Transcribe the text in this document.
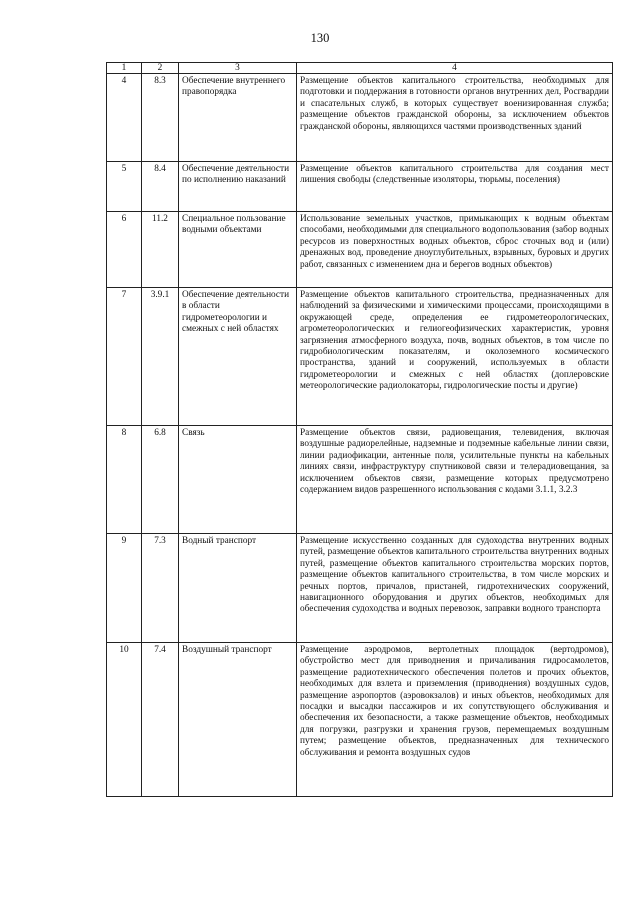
130
1	2	3	4
4	8.3	Обеспечение внутреннего правопорядка	Размещение объектов капитального строительства, необходимых для подготовки и поддержания в готовности органов внутренних дел, Росгвардии и спасательных служб, в которых существует военизированная служба; размещение объектов гражданской обороны, за исключением объектов гражданской обороны, являющихся частями производственных зданий
5	8.4	Обеспечение деятельности по исполнению наказаний	Размещение объектов капитального строительства для создания мест лишения свободы (следственные изоляторы, тюрьмы, поселения)
6	11.2	Специальное пользование водными объектами	Использование земельных участков, примыкающих к водным объектам способами, необходимыми для специального водопользования (забор водных ресурсов из поверхностных водных объектов, сброс сточных вод и (или) дренажных вод, проведение дноуглубительных, взрывных, буровых и других работ, связанных с изменением дна и берегов водных объектов)
7	3.9.1	Обеспечение деятельности в области гидрометеорологии и смежных с ней областях	Размещение объектов капитального строительства, предназначенных для наблюдений за физическими и химическими процессами, происходящими в окружающей среде, определения ее гидрометеорологических, агрометеорологических и гелиогеофизических характеристик, уровня загрязнения атмосферного воздуха, почв, водных объектов, в том числе по гидробиологическим показателям, и околоземного космического пространства, зданий и сооружений, используемых в области гидрометеорологии и смежных с ней областях (доплеровские метеорологические радиолокаторы, гидрологические посты и другие)
8	6.8	Связь	Размещение объектов связи, радиовещания, телевидения, включая воздушные радиорелейные, надземные и подземные кабельные линии связи, линии радиофикации, антенные поля, усилительные пункты на кабельных линиях связи, инфраструктуру спутниковой связи и телерадиовещания, за исключением объектов связи, размещение которых предусмотрено содержанием видов разрешенного использования с кодами 3.1.1, 3.2.3
9	7.3	Водный транспорт	Размещение искусственно созданных для судоходства внутренних водных путей, размещение объектов капитального строительства внутренних водных путей, размещение объектов капитального строительства морских портов, размещение объектов капитального строительства, в том числе морских и речных портов, причалов, пристаней, гидротехнических сооружений, навигационного оборудования и других объектов, необходимых для обеспечения судоходства и водных перевозок, заправки водного транспорта
10	7.4	Воздушный транспорт	Размещение аэродромов, вертолетных площадок (вертодромов), обустройство мест для приводнения и причаливания гидросамолетов, размещение радиотехнического обеспечения полетов и прочих объектов, необходимых для взлета и приземления (приводнения) воздушных судов, размещение аэропортов (аэровокзалов) и иных объектов, необходимых для посадки и высадки пассажиров и их сопутствующего обслуживания и обеспечения их безопасности, а также размещение объектов, необходимых для погрузки, разгрузки и хранения грузов, перемещаемых воздушным путем; размещение объектов, предназначенных для технического обслуживания и ремонта воздушных судов
